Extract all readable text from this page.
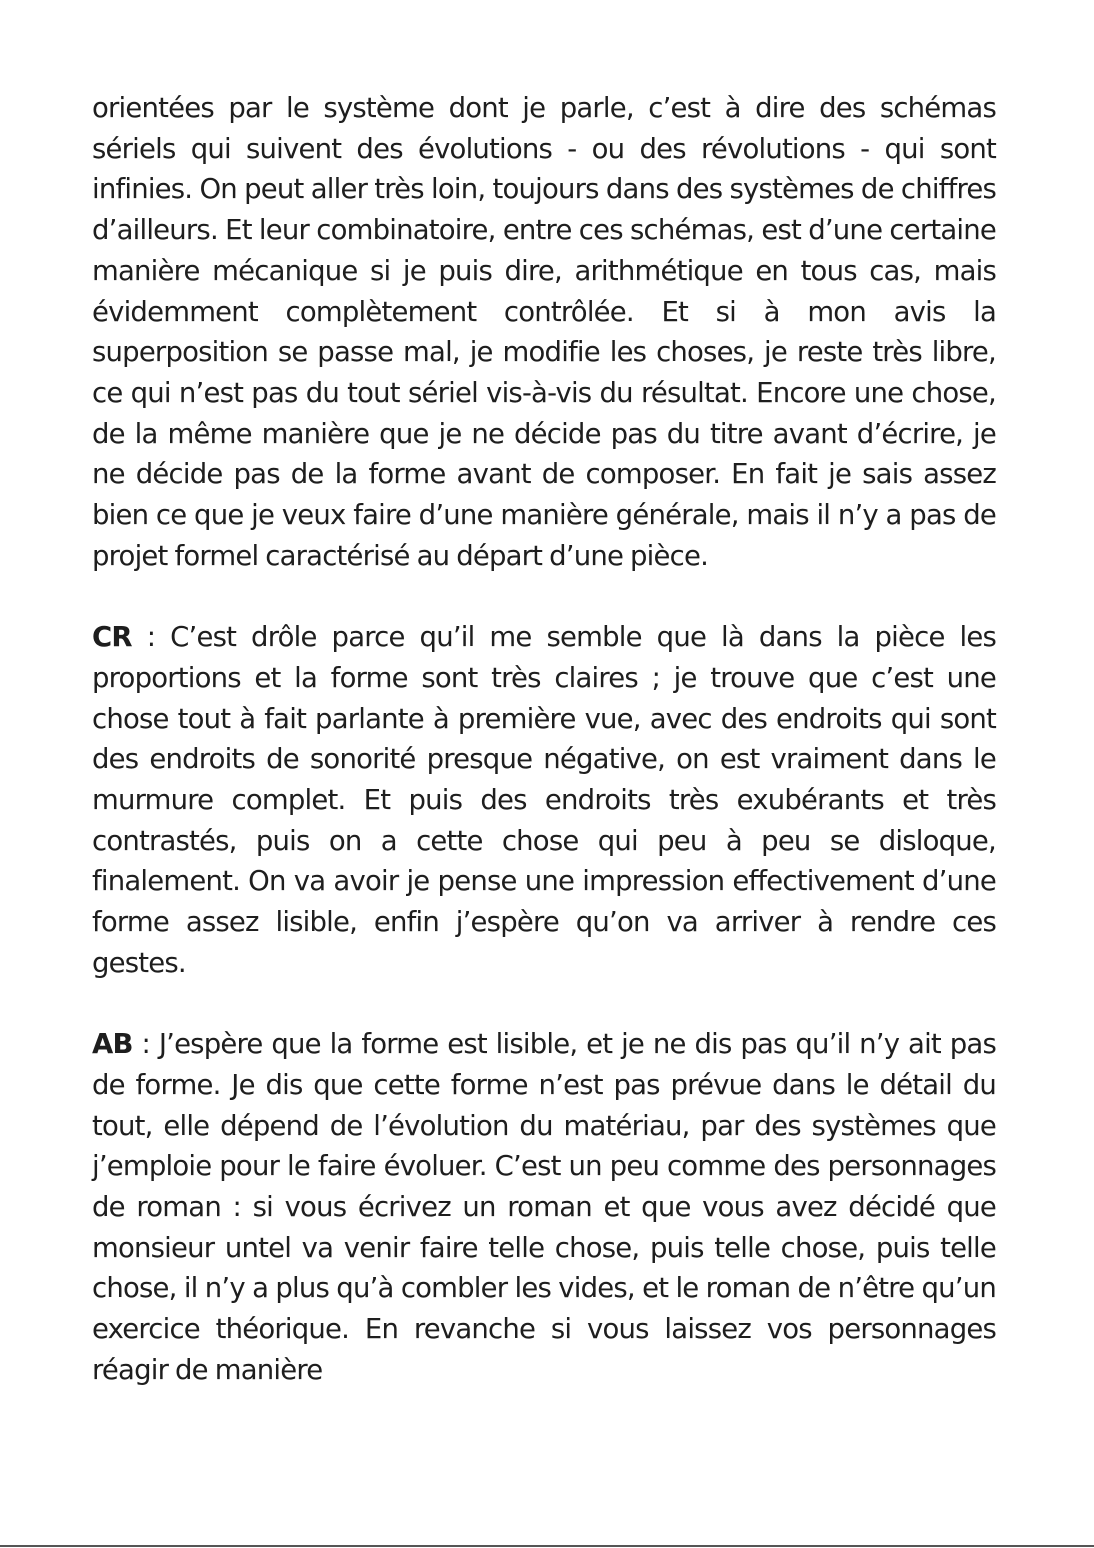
orientées par le système dont je parle, c’est à dire des schémas sériels qui suivent des évolutions - ou des révolutions - qui sont infinies. On peut aller très loin, toujours dans des systèmes de chiffres d’ailleurs. Et leur combinatoire, entre ces schémas, est d’une certaine manière mécanique si je puis dire, arithmétique en tous cas, mais évidemment complètement contrôlée. Et si à mon avis la superposition se passe mal, je modifie les choses, je reste très libre, ce qui n’est pas du tout sériel vis-à-vis du résultat. Encore une chose, de la même manière que je ne décide pas du titre avant d’écrire, je ne décide pas de la forme avant de composer. En fait je sais assez bien ce que je veux faire d’une manière générale, mais il n’y a pas de projet formel caractérisé au départ d’une pièce.

CR : C’est drôle parce qu’il me semble que là dans la pièce les proportions et la forme sont très claires ; je trouve que c’est une chose tout à fait parlante à première vue, avec des endroits qui sont des endroits de sonorité presque négative, on est vraiment dans le murmure complet. Et puis des endroits très exubérants et très contrastés, puis on a cette chose qui peu à peu se disloque, finalement. On va avoir je pense une impression effectivement d’une forme assez lisible, enfin j’espère qu’on va arriver à rendre ces gestes.

AB : J’espère que la forme est lisible, et je ne dis pas qu’il n’y ait pas de forme. Je dis que cette forme n’est pas prévue dans le détail du tout, elle dépend de l’évolution du matériau, par des systèmes que j’emploie pour le faire évoluer. C’est un peu comme des personnages de roman : si vous écrivez un roman et que vous avez décidé que monsieur untel va venir faire telle chose, puis telle chose, puis telle chose, il n’y a plus qu’à combler les vides, et le roman de n’être qu’un exercice théorique. En revanche si vous laissez vos personnages réagir de manière
